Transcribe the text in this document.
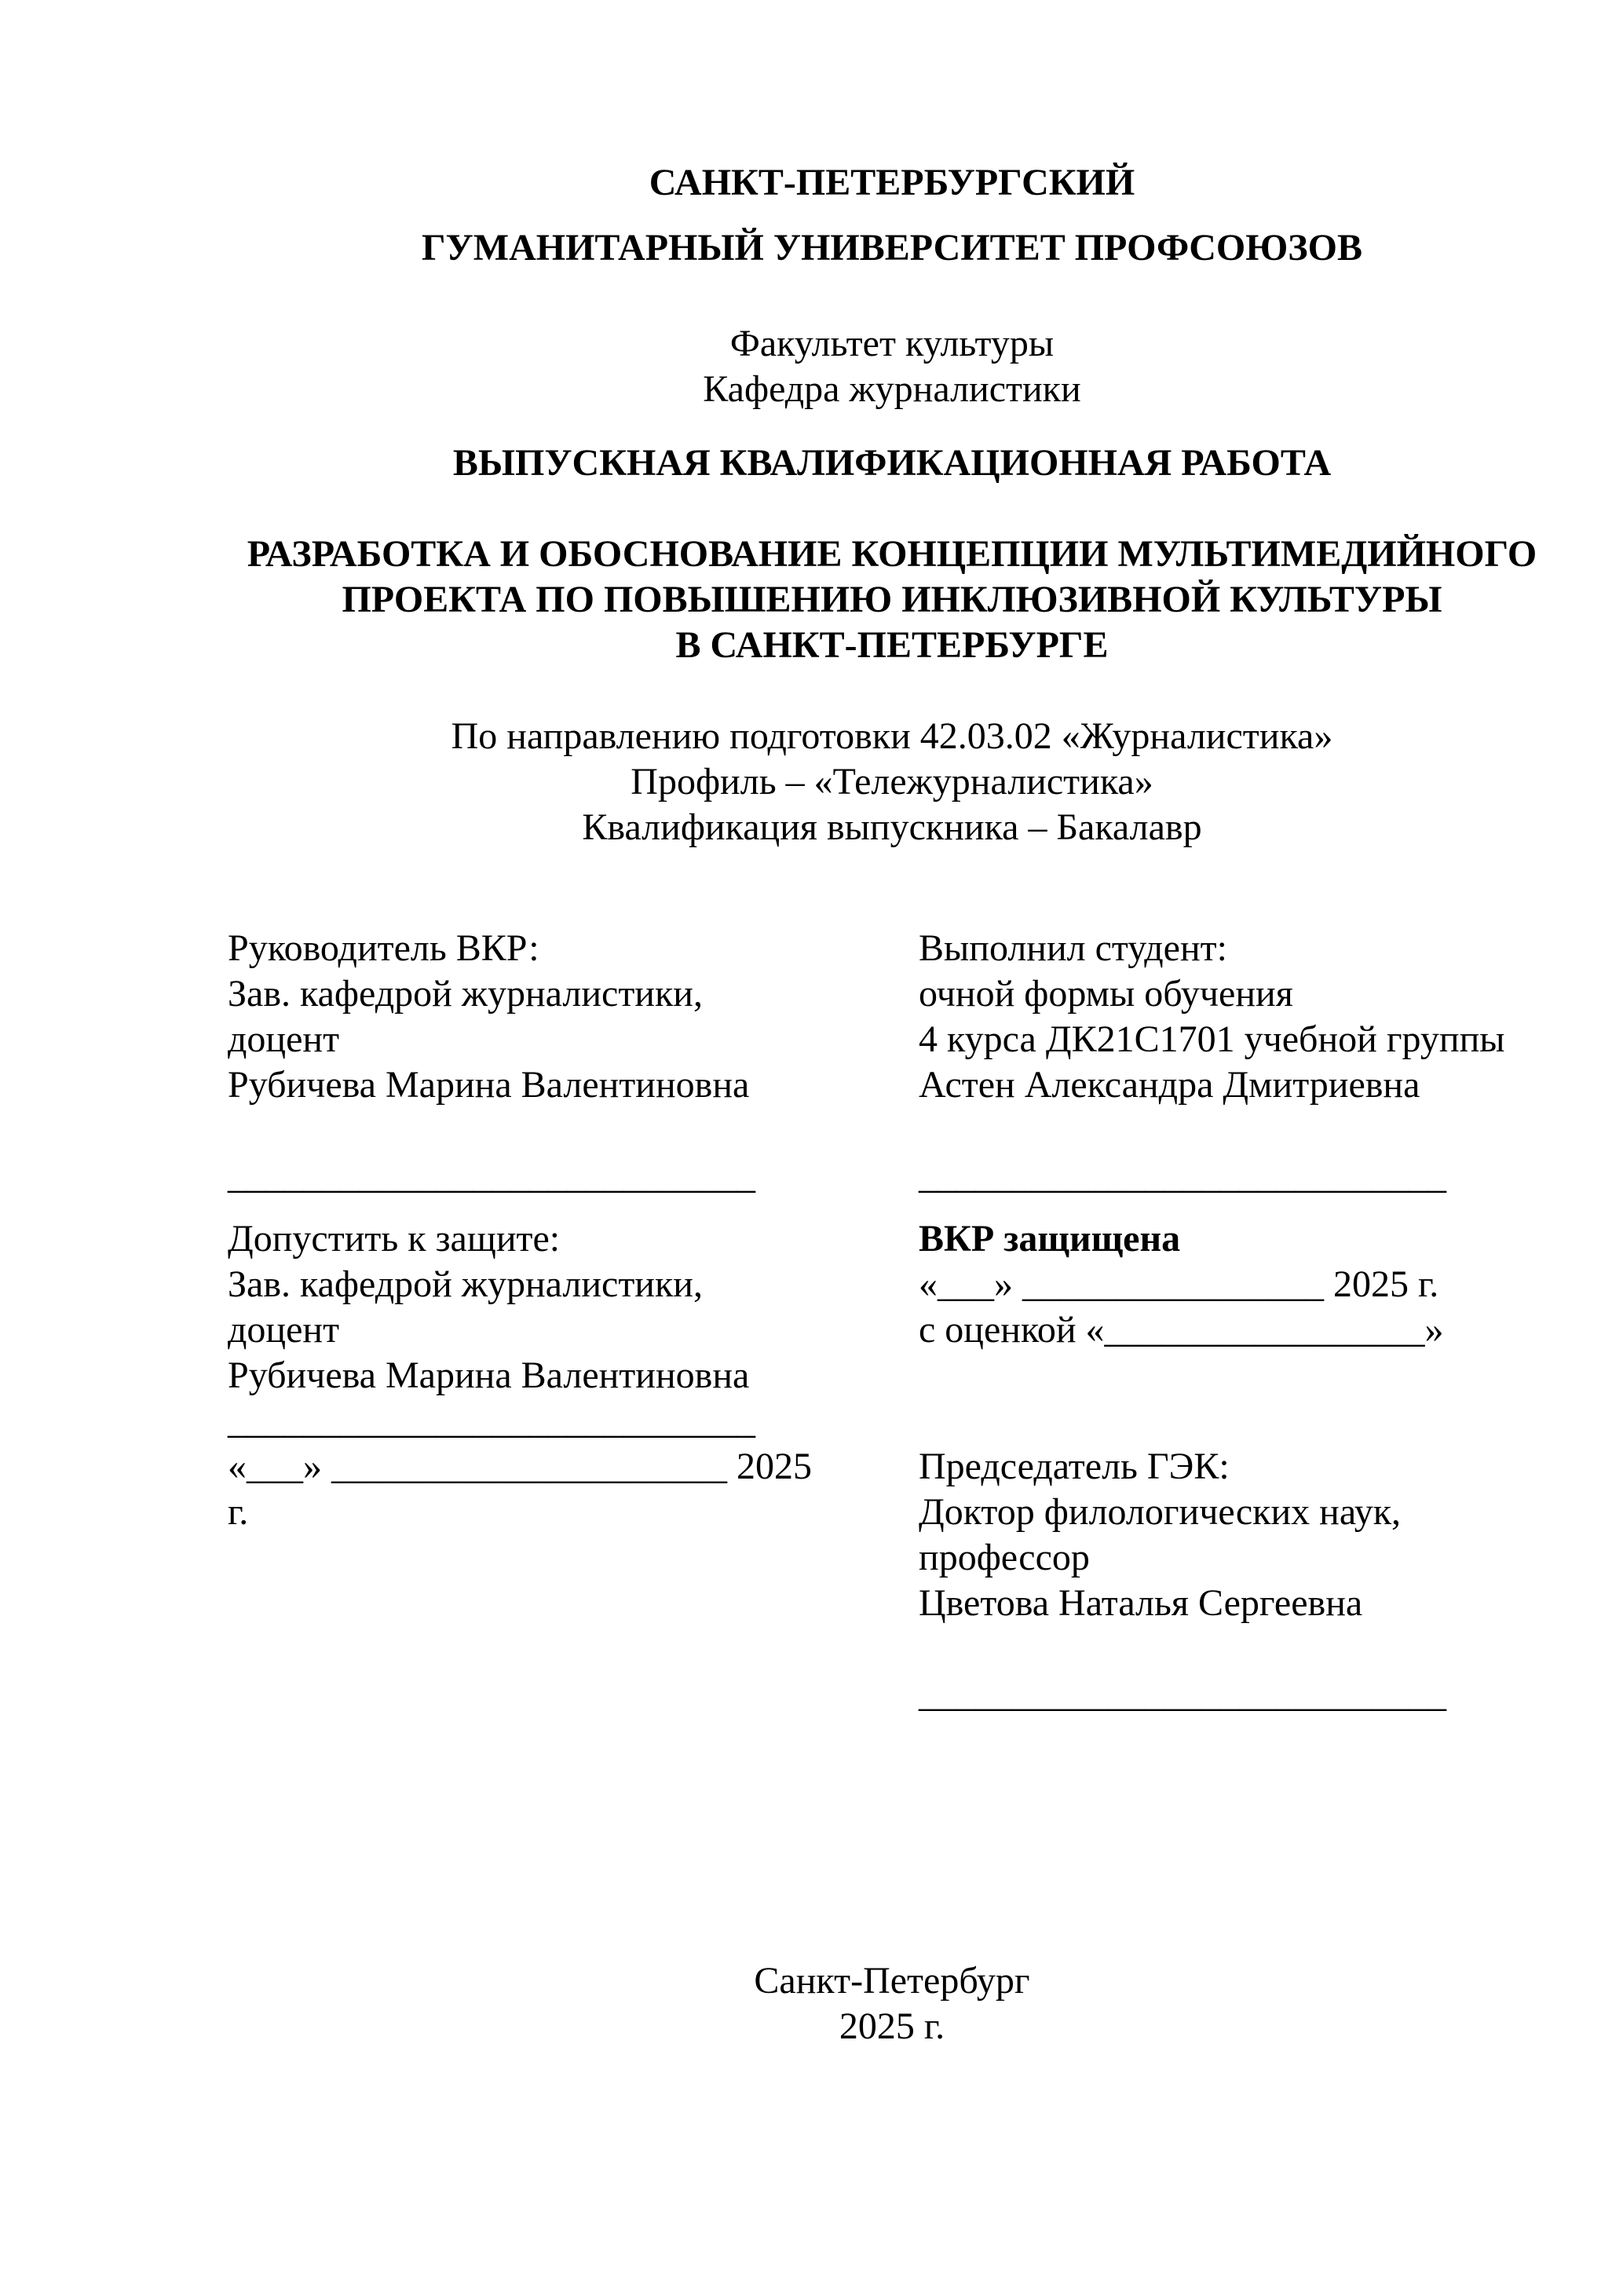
САНКТ-ПЕТЕРБУРГСКИЙ
ГУМАНИТАРНЫЙ УНИВЕРСИТЕТ ПРОФСОЮЗОВ
Факультет культуры
Кафедра журналистики
ВЫПУСКНАЯ КВАЛИФИКАЦИОННАЯ РАБОТА
РАЗРАБОТКА И ОБОСНОВАНИЕ КОНЦЕПЦИИ МУЛЬТИМЕДИЙНОГО
ПРОЕКТА ПО ПОВЫШЕНИЮ ИНКЛЮЗИВНОЙ КУЛЬТУРЫ
В САНКТ-ПЕТЕРБУРГЕ
По направлению подготовки 42.03.02 «Журналистика»
Профиль – «Тележурналистика»
Квалификация выпускника – Бакалавр
Руководитель ВКР:
Зав. кафедрой журналистики,
доцент
Рубичева Марина Валентиновна
____________________________
Выполнил студент:
очной формы обучения
4 курса ДК21С1701 учебной группы
Астен Александра Дмитриевна
____________________________
Допустить к защите:
Зав. кафедрой журналистики,
доцент
Рубичева Марина Валентиновна
____________________________
«___» _____________________ 2025
г.
ВКР защищена
«___» ________________ 2025 г.
с оценкой «_________________»
Председатель ГЭК:
Доктор филологических наук,
профессор
Цветова Наталья Сергеевна
____________________________
Санкт-Петербург
2025 г.
